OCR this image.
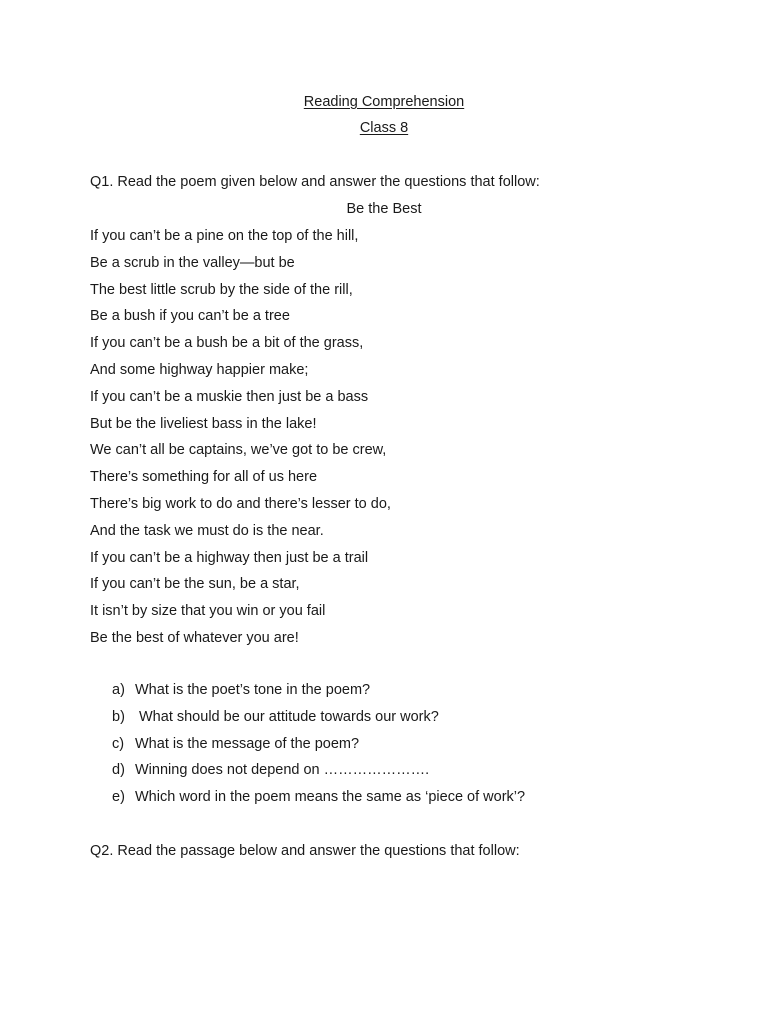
Reading Comprehension
Class 8
Q1. Read the poem given below and answer the questions that follow:
Be the Best
If you can’t be a pine on the top of the hill,
Be a scrub in the valley—but be
The best little scrub by the side of the rill,
Be a bush if you can’t be a tree
If you can’t be a bush be a bit of the grass,
And some highway happier make;
If you can’t be a muskie then just be a bass
But be the liveliest bass in the lake!
We can’t all be captains, we’ve got to be crew,
There’s something for all of us here
There’s big work to do and there’s lesser to do,
And the task we must do is the near.
If you can’t be a highway then just be a trail
If you can’t be the sun, be a star,
It isn’t by size that you win or you fail
Be the best of whatever you are!
a) What is the poet’s tone in the poem?
b) What should be our attitude towards our work?
c) What is the message of the poem?
d) Winning does not depend on ………………….
e) Which word in the poem means the same as ‘piece of work’?
Q2. Read the passage below and answer the questions that follow:
